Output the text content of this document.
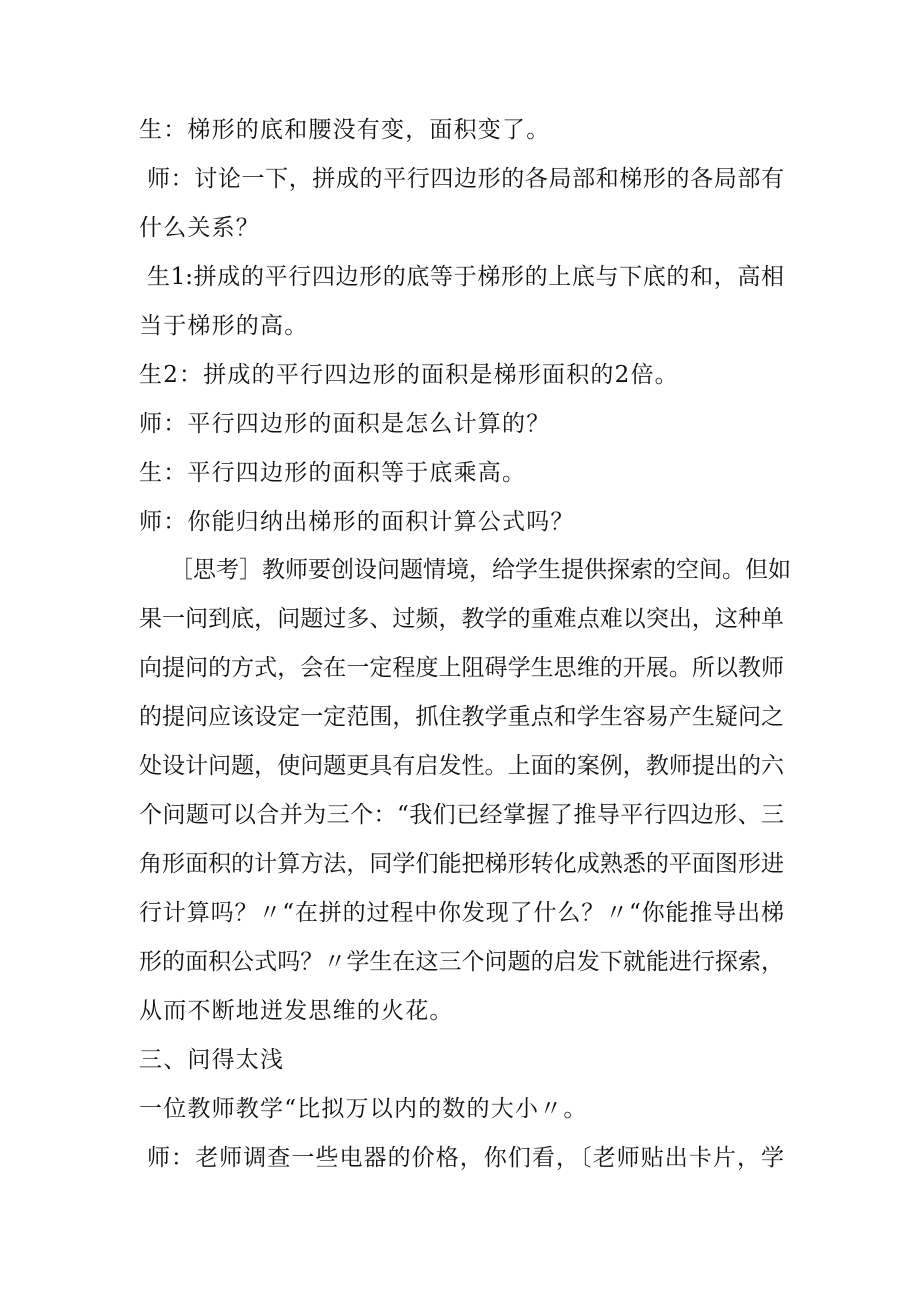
生：梯形的底和腰没有变，面积变了。
师：讨论一下，拼成的平行四边形的各局部和梯形的各局部有
什么关系？
生1:拼成的平行四边形的底等于梯形的上底与下底的和，高相
当于梯形的高。
生2：拼成的平行四边形的面积是梯形面积的2倍。
师：平行四边形的面积是怎么计算的？
生：平行四边形的面积等于底乘高。
师：你能归纳出梯形的面积计算公式吗？
［思考］教师要创设问题情境，给学生提供探索的空间。但如
果一问到底，问题过多、过频，教学的重难点难以突出，这种单
向提问的方式，会在一定程度上阻碍学生思维的开展。所以教师
的提问应该设定一定范围，抓住教学重点和学生容易产生疑问之
处设计问题，使问题更具有启发性。上面的案例，教师提出的六
个问题可以合并为三个：“我们已经掌握了推导平行四边形、三
角形面积的计算方法，同学们能把梯形转化成熟悉的平面图形进
行计算吗？〃“在拼的过程中你发现了什么？〃“你能推导出梯
形的面积公式吗？〃学生在这三个问题的启发下就能进行探索，
从而不断地迸发思维的火花。
三、问得太浅
一位教师教学“比拟万以内的数的大小〃。
师：老师调查一些电器的价格，你们看，〔老师贴出卡片，学
